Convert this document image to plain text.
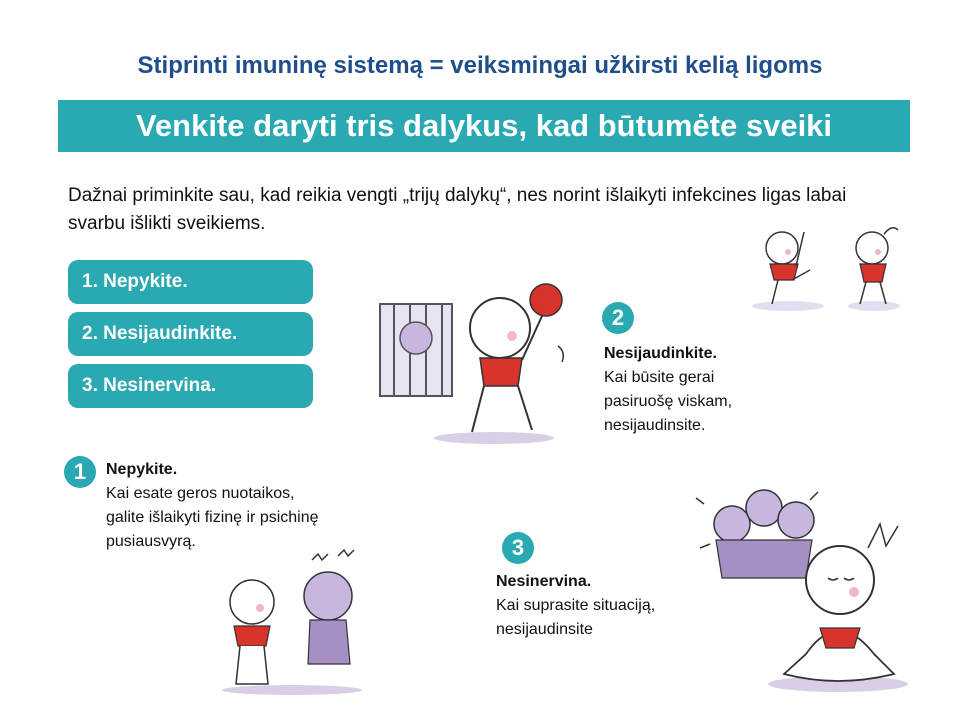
Stiprinti imuninę sistemą = veiksmingai užkirsti kelią ligoms
Venkite daryti tris dalykus, kad būtumėte sveiki
Dažnai priminkite sau, kad reikia vengti „trijų dalykų“, nes norint išlaikyti infekcines ligas labai svarbu išlikti sveikiems.
1. Nepykite.
2. Nesijaudinkite.
3. Nesinervina.
1	Nepykite.
Kai esate geros nuotaikos,
galite išlaikyti fizinę ir psichinę
pusiausvyrą.
2
Nesijaudinkite.
Kai būsite gerai
pasiruošę viskam,
nesijaudinsite.
3
Nesinervina.
Kai suprasite situaciją,
nesijaudinsite
